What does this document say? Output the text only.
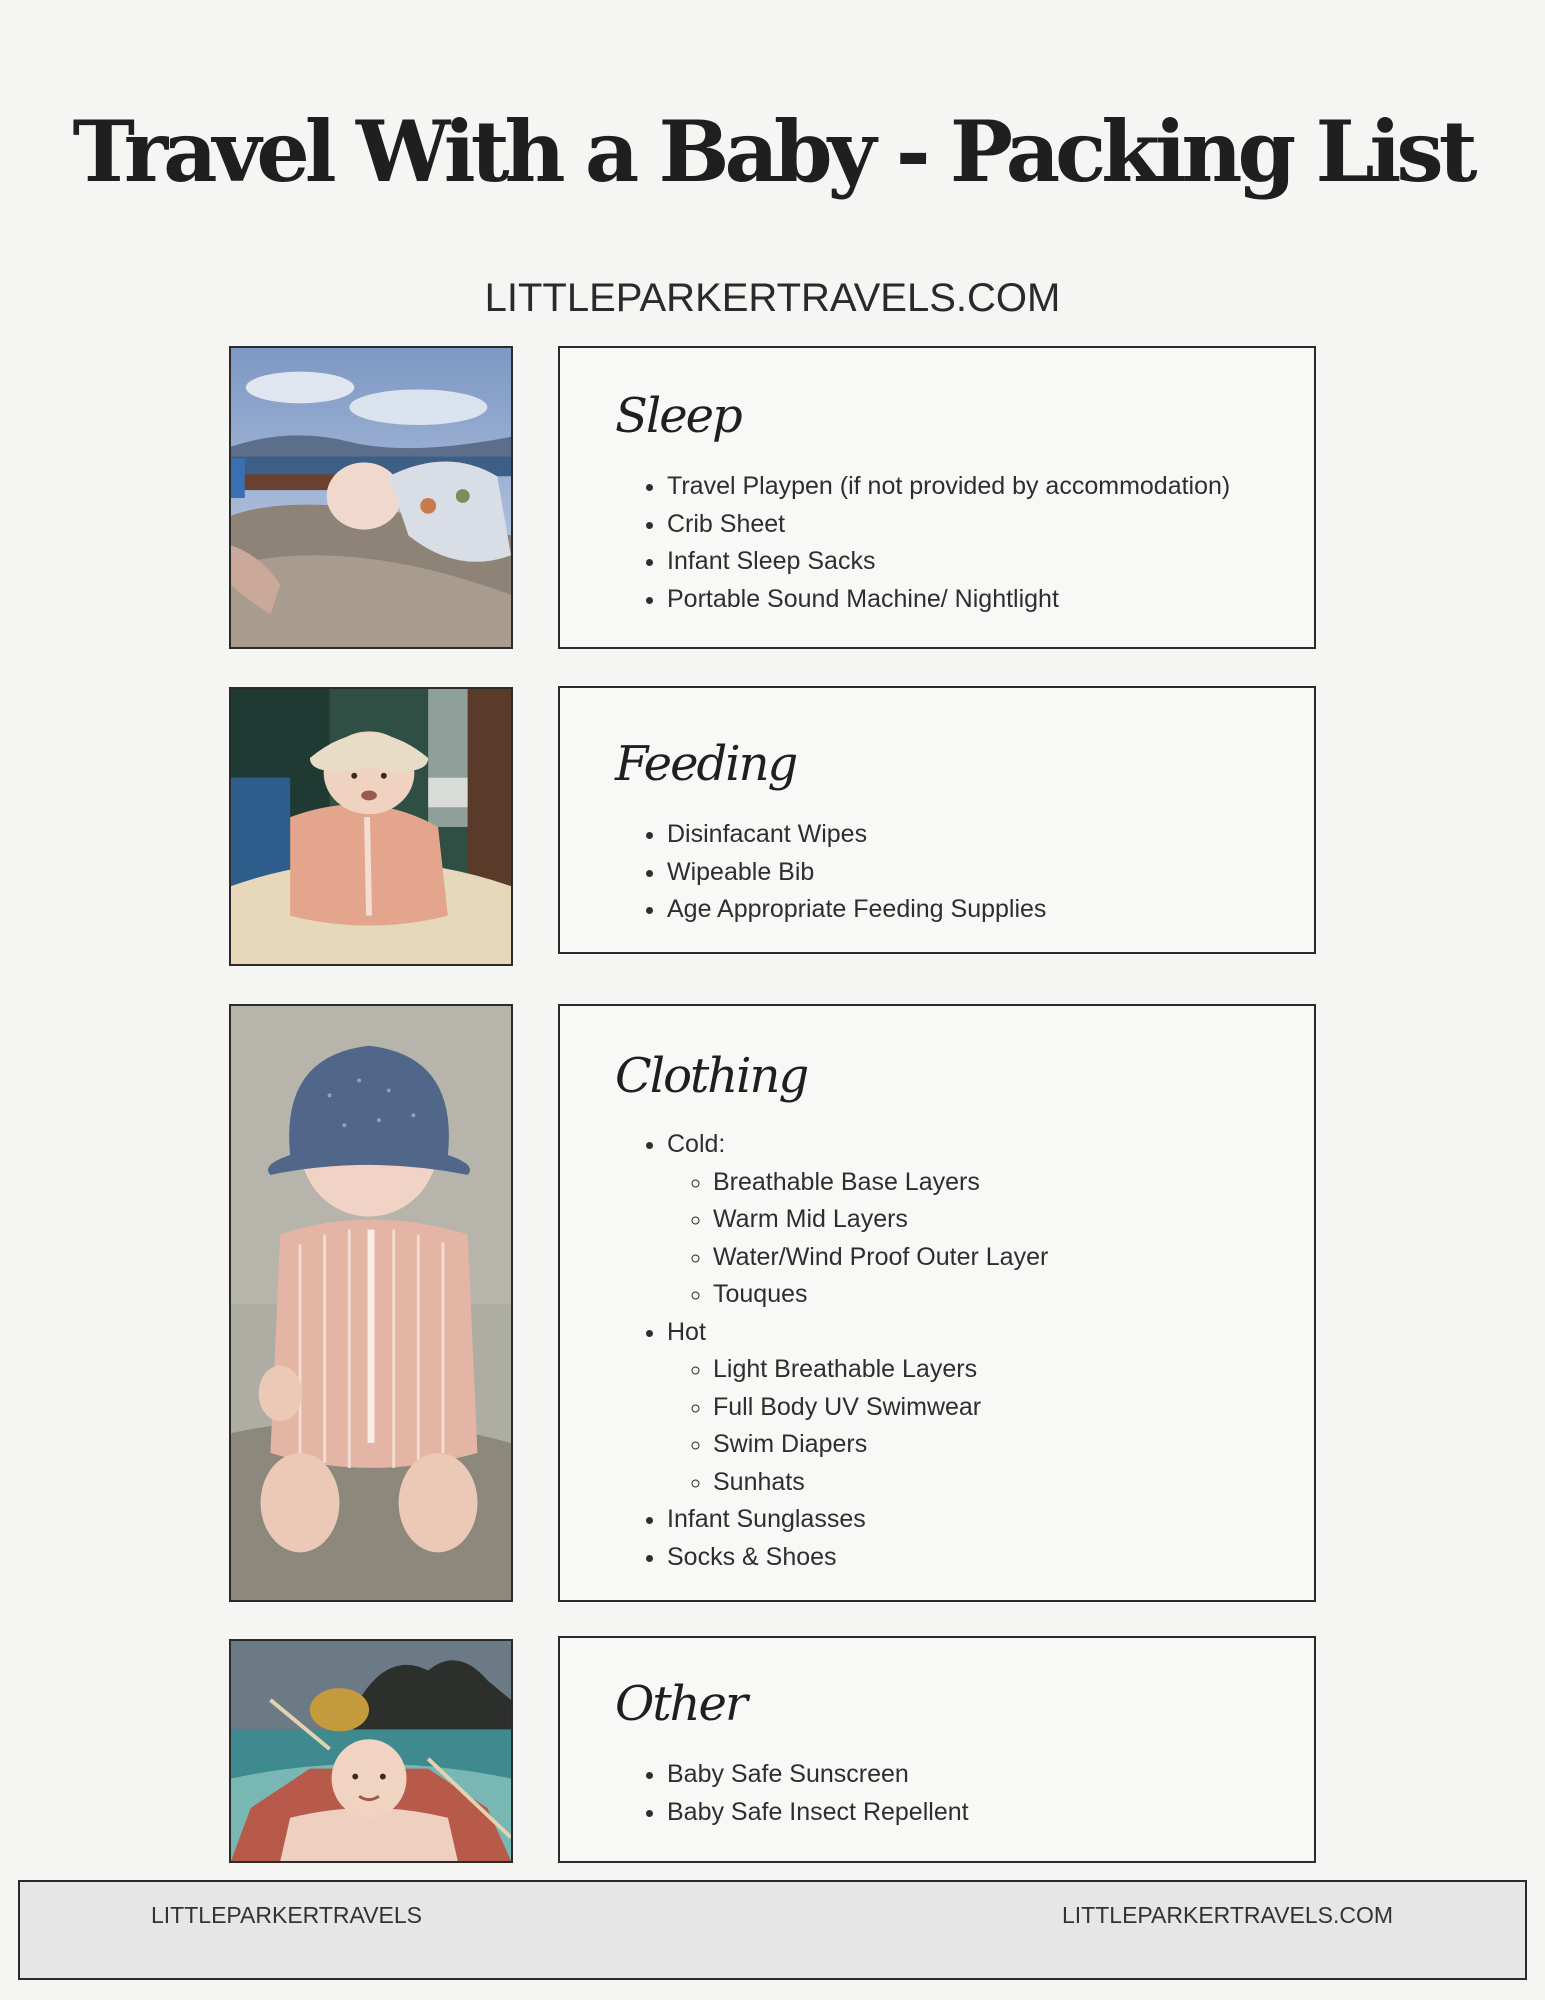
Travel With a Baby - Packing List
LITTLEPARKERTRAVELS.COM
Sleep
• Travel Playpen (if not provided by accommodation)
• Crib Sheet
• Infant Sleep Sacks
• Portable Sound Machine/ Nightlight
Feeding
• Disinfacant Wipes
• Wipeable Bib
• Age Appropriate Feeding Supplies
Clothing
• Cold:
◦ Breathable Base Layers
◦ Warm Mid Layers
◦ Water/Wind Proof Outer Layer
◦ Touques
• Hot
◦ Light Breathable Layers
◦ Full Body UV Swimwear
◦ Swim Diapers
◦ Sunhats
• Infant Sunglasses
• Socks & Shoes
Other
• Baby Safe Sunscreen
• Baby Safe Insect Repellent
LITTLEPARKERTRAVELS	LITTLEPARKERTRAVELS.COM
